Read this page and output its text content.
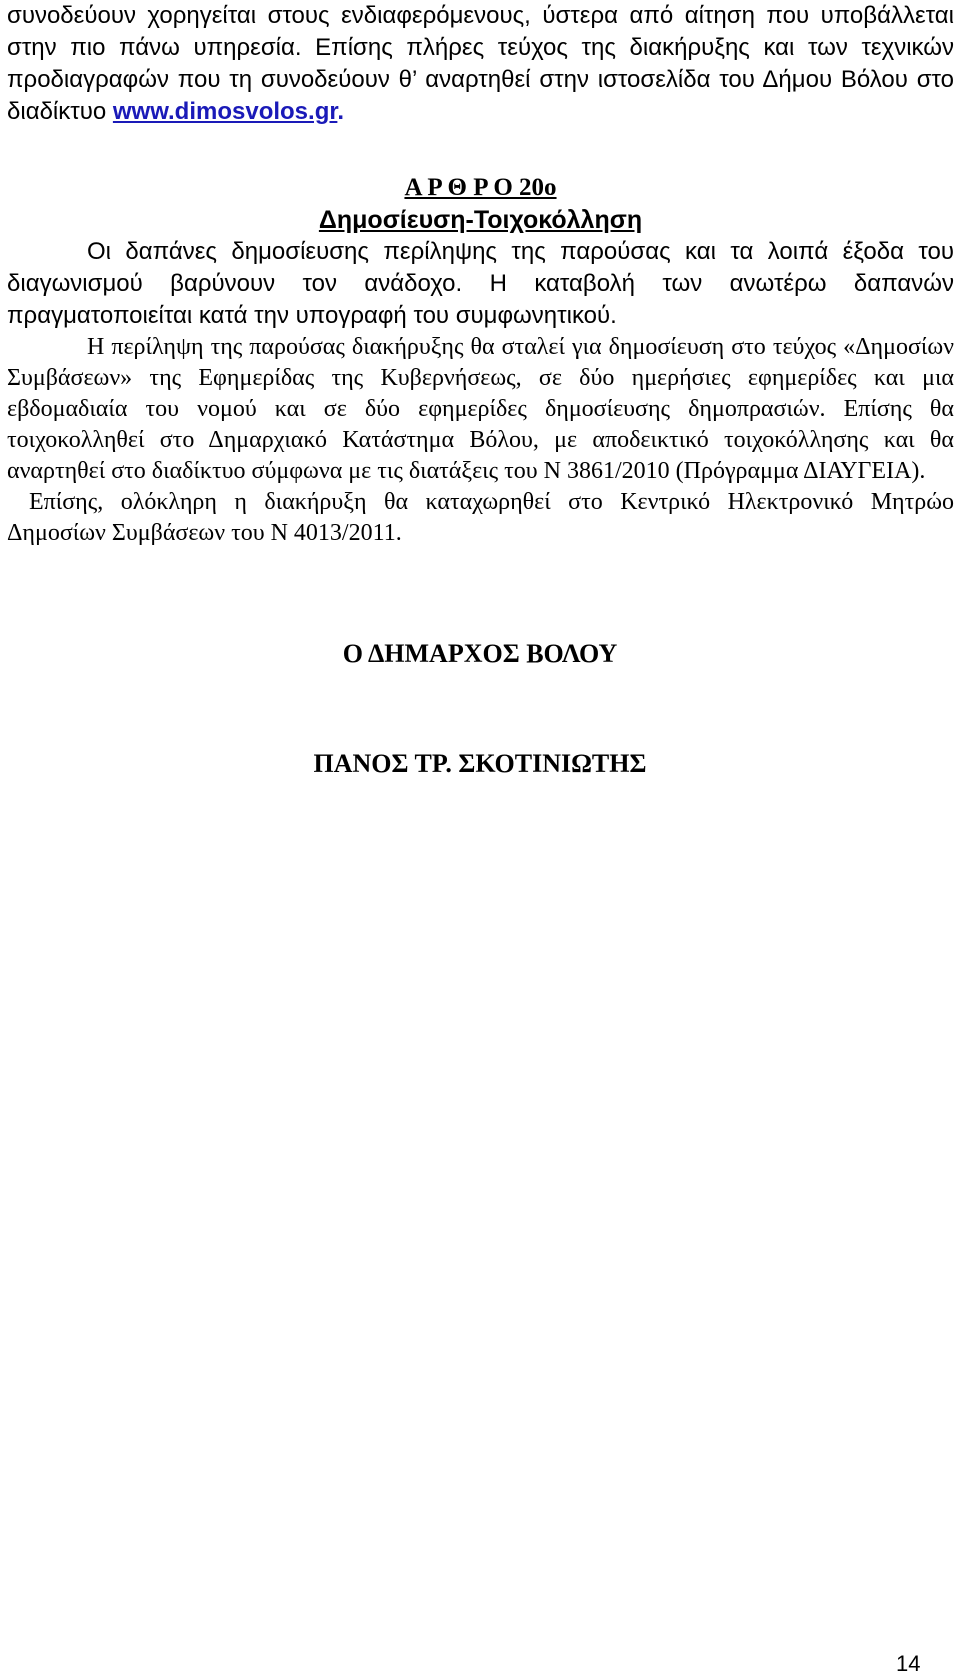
συνοδεύουν χορηγείται στους ενδιαφερόμενους, ύστερα από αίτηση που υποβάλλεται στην πιο πάνω υπηρεσία. Επίσης πλήρες τεύχος της διακήρυξης και των τεχνικών προδιαγραφών που τη συνοδεύουν θ’ αναρτηθεί στην ιστοσελίδα του Δήμου Βόλου στο διαδίκτυο www.dimosvolos.gr.

Α Ρ Θ Ρ Ο 20ο

Δημοσίευση-Τοιχοκόλληση

Οι δαπάνες δημοσίευσης περίληψης της παρούσας και τα λοιπά έξοδα του διαγωνισμού βαρύνουν τον ανάδοχο. Η καταβολή των ανωτέρω δαπανών πραγματοποιείται κατά την υπογραφή του συμφωνητικού.

Η περίληψη της παρούσας διακήρυξης θα σταλεί για δημοσίευση στο τεύχος «Δημοσίων Συμβάσεων» της Εφημερίδας της Κυβερνήσεως, σε δύο ημερήσιες εφημερίδες και μια εβδομαδιαία του νομού και σε δύο εφημερίδες δημοσίευσης δημοπρασιών. Επίσης θα τοιχοκολληθεί στο Δημαρχιακό Κατάστημα Βόλου, με αποδεικτικό τοιχοκόλλησης και θα αναρτηθεί στο διαδίκτυο σύμφωνα με τις διατάξεις του Ν 3861/2010 (Πρόγραμμα ΔΙΑΥΓΕΙΑ).

Επίσης, ολόκληρη η διακήρυξη θα καταχωρηθεί στο Κεντρικό Ηλεκτρονικό Μητρώο Δημοσίων Συμβάσεων του Ν 4013/2011.

Ο ΔΗΜΑΡΧΟΣ ΒΟΛΟΥ

ΠΑΝΟΣ ΤΡ. ΣΚΟΤΙΝΙΩΤΗΣ

14
